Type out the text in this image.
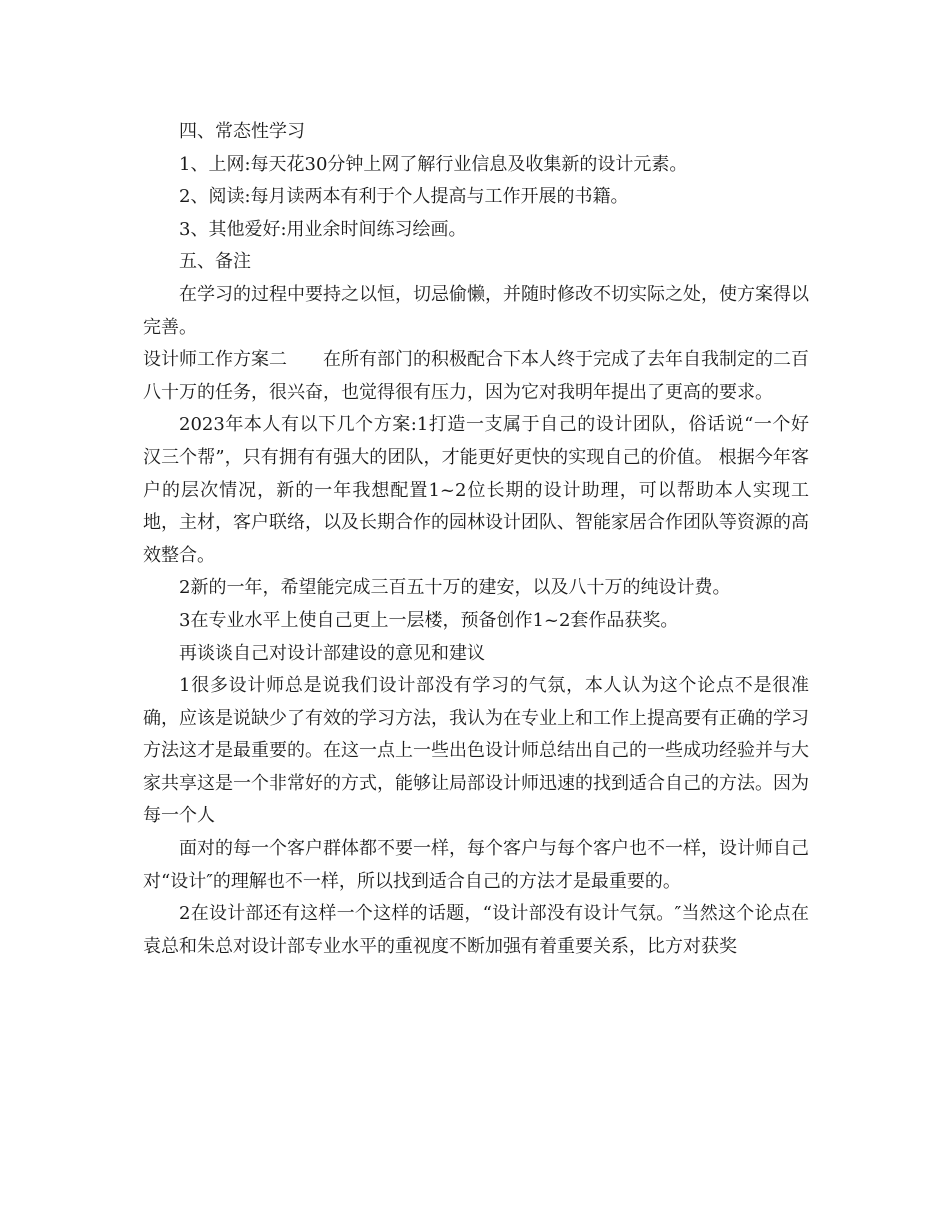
四、常态性学习

1、上网:每天花30分钟上网了解行业信息及收集新的设计元素。

2、阅读:每月读两本有利于个人提高与工作开展的书籍。

3、其他爱好:用业余时间练习绘画。

五、备注

在学习的过程中要持之以恒，切忌偷懒，并随时修改不切实际之处，使方案得以完善。

设计师工作方案二　　在所有部门的积极配合下本人终于完成了去年自我制定的二百八十万的任务，很兴奋，也觉得很有压力，因为它对我明年提出了更高的要求。

2023年本人有以下几个方案:1打造一支属于自己的设计团队，俗话说“一个好汉三个帮”，只有拥有有强大的团队，才能更好更快的实现自己的价值。 根据今年客户的层次情况，新的一年我想配置1~2位长期的设计助理，可以帮助本人实现工地，主材，客户联络，以及长期合作的园林设计团队、智能家居合作团队等资源的高效整合。

2新的一年，希望能完成三百五十万的建安，以及八十万的纯设计费。

3在专业水平上使自己更上一层楼，预备创作1~2套作品获奖。

再谈谈自己对设计部建设的意见和建议

1很多设计师总是说我们设计部没有学习的气氛，本人认为这个论点不是很准确，应该是说缺少了有效的学习方法，我认为在专业上和工作上提高要有正确的学习方法这才是最重要的。在这一点上一些出色设计师总结出自己的一些成功经验并与大家共享这是一个非常好的方式，能够让局部设计师迅速的找到适合自己的方法。因为每一个人

面对的每一个客户群体都不要一样，每个客户与每个客户也不一样，设计师自己对“设计″的理解也不一样，所以找到适合自己的方法才是最重要的。

2在设计部还有这样一个这样的话题，“设计部没有设计气氛。″当然这个论点在袁总和朱总对设计部专业水平的重视度不断加强有着重要关系，比方对获奖
